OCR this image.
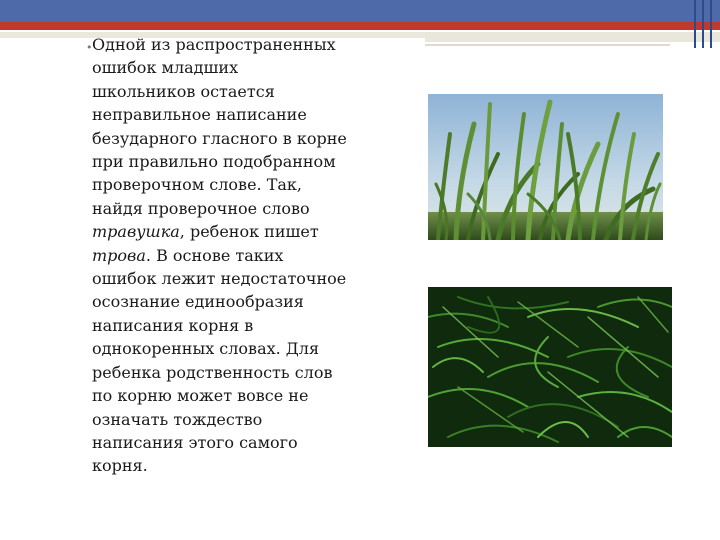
• Одной из распространенных
ошибок младших
школьников остается
неправильное написание
безударного гласного в корне
при правильно подобранном
проверочном слове. Так,
найдя проверочное слово
травушка, ребенок пишет
трова. В основе таких
ошибок лежит недостаточное
осознание единообразия
написания корня в
однокоренных словах. Для
ребенка родственность слов
по корню может вовсе не
означать тождество
написания этого самого
корня.
